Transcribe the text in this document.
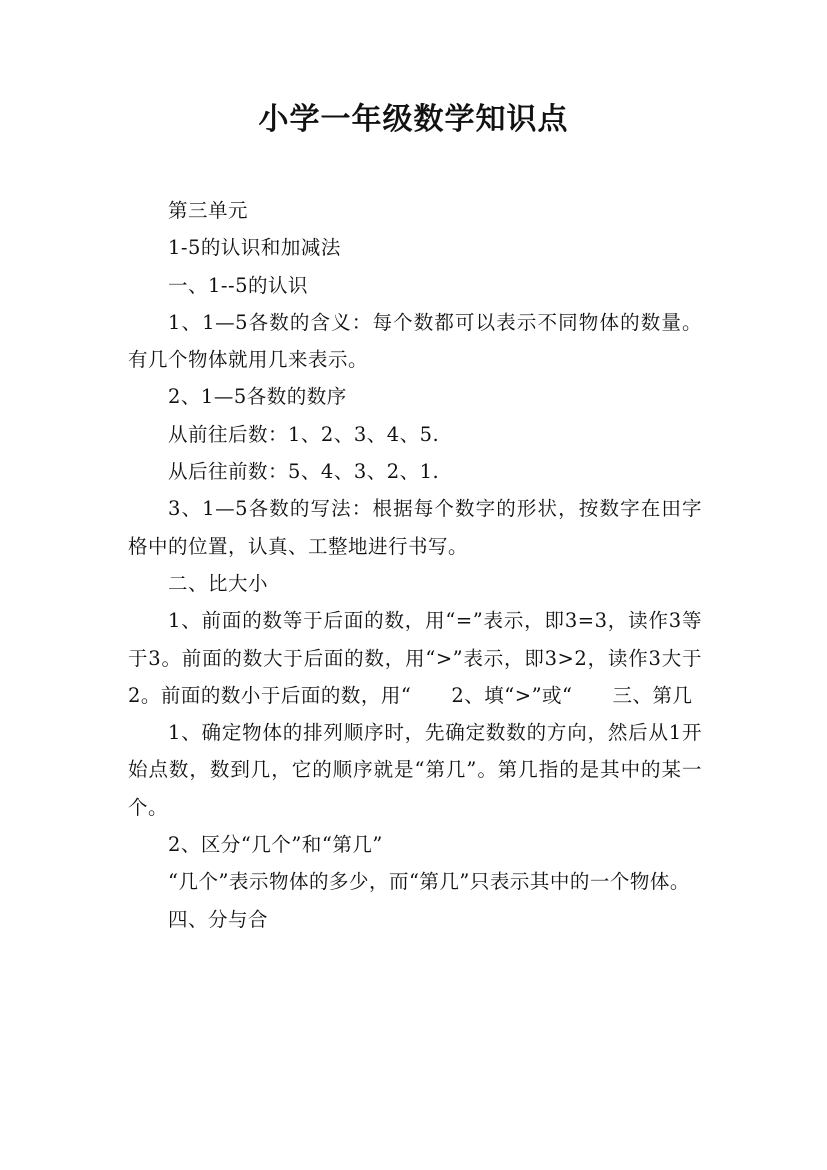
小学一年级数学知识点

第三单元

1-5的认识和加减法

一、1--5的认识

1、1—5各数的含义：每个数都可以表示不同物体的数量。有几个物体就用几来表示。

2、1—5各数的数序

从前往后数：1、2、3、4、5.

从后往前数：5、4、3、2、1.

3、1—5各数的写法：根据每个数字的形状，按数字在田字格中的位置，认真、工整地进行书写。

二、比大小

1、前面的数等于后面的数，用“=”表示，即3=3，读作3等于3。前面的数大于后面的数，用“>”表示，即3>2，读作3大于2。前面的数小于后面的数，用“　　2、填“>”或“　　三、第几

1、确定物体的排列顺序时，先确定数数的方向，然后从1开始点数，数到几，它的顺序就是“第几”。第几指的是其中的某一个。

2、区分“几个”和“第几”

“几个”表示物体的多少，而“第几”只表示其中的一个物体。

四、分与合
